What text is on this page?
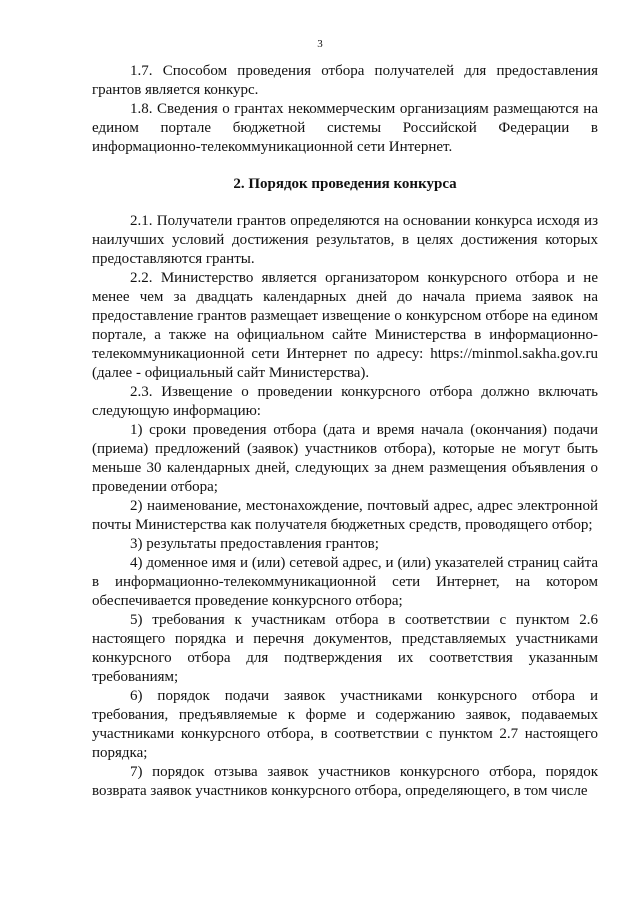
3

1.7. Способом проведения отбора получателей для предоставления грантов является конкурс.

1.8. Сведения о грантах некоммерческим организациям размещаются на едином портале бюджетной системы Российской Федерации в информационно-телекоммуникационной сети Интернет.

2. Порядок проведения конкурса

2.1. Получатели грантов определяются на основании конкурса исходя из наилучших условий достижения результатов, в целях достижения которых предоставляются гранты.

2.2. Министерство является организатором конкурсного отбора и не менее чем за двадцать календарных дней до начала приема заявок на предоставление грантов размещает извещение о конкурсном отборе на едином портале, а также на официальном сайте Министерства в информационно-телекоммуникационной сети Интернет по адресу: https://minmol.sakha.gov.ru (далее - официальный сайт Министерства).

2.3. Извещение о проведении конкурсного отбора должно включать следующую информацию:

1) сроки проведения отбора (дата и время начала (окончания) подачи (приема) предложений (заявок) участников отбора), которые не могут быть меньше 30 календарных дней, следующих за днем размещения объявления о проведении отбора;

2) наименование, местонахождение, почтовый адрес, адрес электронной почты Министерства как получателя бюджетных средств, проводящего отбор;

3) результаты предоставления грантов;

4) доменное имя и (или) сетевой адрес, и (или) указателей страниц сайта в информационно-телекоммуникационной сети Интернет, на котором обеспечивается проведение конкурсного отбора;

5) требования к участникам отбора в соответствии с пунктом 2.6 настоящего порядка и перечня документов, представляемых участниками конкурсного отбора для подтверждения их соответствия указанным требованиям;

6) порядок подачи заявок участниками конкурсного отбора и требования, предъявляемые к форме и содержанию заявок, подаваемых участниками конкурсного отбора, в соответствии с пунктом 2.7 настоящего порядка;

7) порядок отзыва заявок участников конкурсного отбора, порядок возврата заявок участников конкурсного отбора, определяющего, в том числе
